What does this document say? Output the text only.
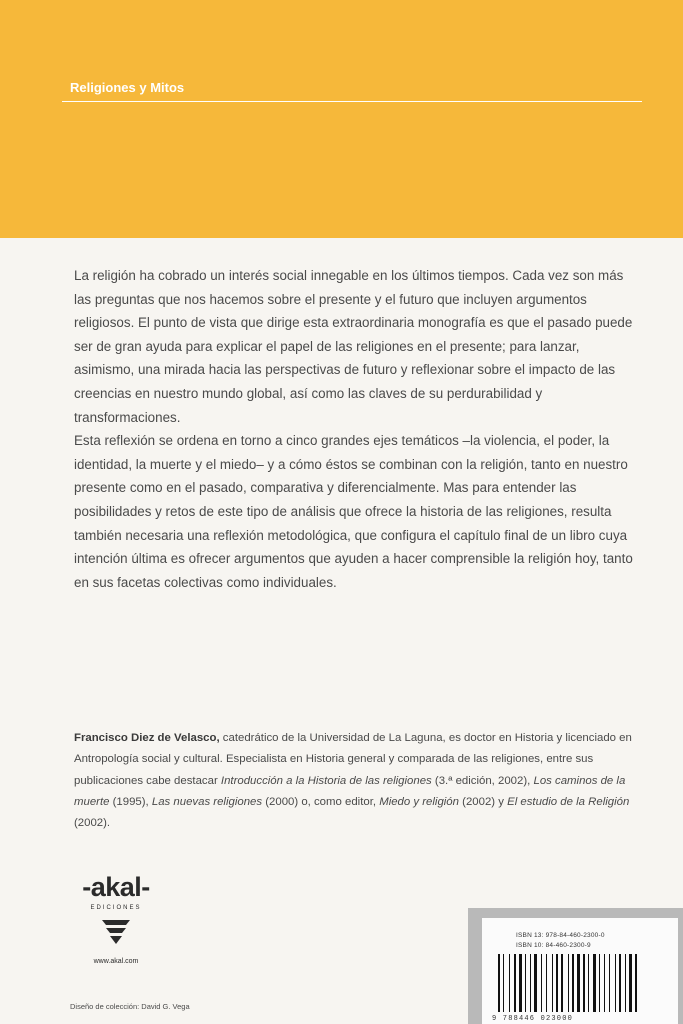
Religiones y Mitos

La religión ha cobrado un interés social innegable en los últimos tiempos. Cada vez son más las preguntas que nos hacemos sobre el presente y el futuro que incluyen argumentos religiosos. El punto de vista que dirige esta extraordinaria monografía es que el pasado puede ser de gran ayuda para explicar el papel de las religiones en el presente; para lanzar, asimismo, una mirada hacia las perspectivas de futuro y reflexionar sobre el impacto de las creencias en nuestro mundo global, así como las claves de su perdurabilidad y transformaciones.

Esta reflexión se ordena en torno a cinco grandes ejes temáticos –la violencia, el poder, la identidad, la muerte y el miedo– y a cómo éstos se combinan con la religión, tanto en nuestro presente como en el pasado, comparativa y diferencialmente. Mas para entender las posibilidades y retos de este tipo de análisis que ofrece la historia de las religiones, resulta también necesaria una reflexión metodológica, que configura el capítulo final de un libro cuya intención última es ofrecer argumentos que ayuden a hacer comprensible la religión hoy, tanto en sus facetas colectivas como individuales.

Francisco Diez de Velasco, catedrático de la Universidad de La Laguna, es doctor en Historia y licenciado en Antropología social y cultural. Especialista en Historia general y comparada de las religiones, entre sus publicaciones cabe destacar Introducción a la Historia de las religiones (3.ª edición, 2002), Los caminos de la muerte (1995), Las nuevas religiones (2000) o, como editor, Miedo y religión (2002) y El estudio de la Religión (2002).
-akal-
EDICIONES
www.akal.com
Diseño de colección: David G. Vega
ISBN 13: 978-84-460-2300-0
ISBN 10: 84-460-2300-9
9 788446 023000
